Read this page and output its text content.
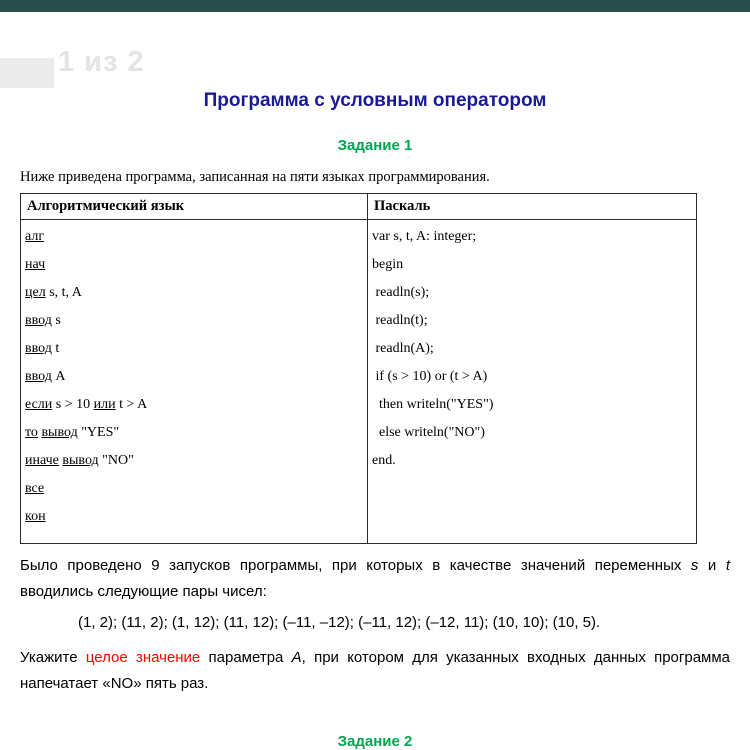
1 из 2
Программа с условным оператором
Задание 1

Ниже приведена программа, записанная на пяти языках программирования.

Алгоритмический язык	Паскаль

алг
нач
цел s, t, A
ввод s
ввод t
ввод A
если s > 10 или t > A
то вывод "YES"
иначе вывод "NO"
все
кон

var s, t, A: integer;
begin
readln(s);
readln(t);
readln(A);
if (s > 10) or (t > A)
then writeln("YES")
else writeln("NO")
end.

Было проведено 9 запусков программы, при которых в качестве значений переменных s и t вводились следующие пары чисел:

(1, 2); (11, 2); (1, 12); (11, 12); (–11, –12); (–11, 12); (–12, 11); (10, 10); (10, 5).

Укажите целое значение параметра A, при котором для указанных входных данных программа напечатает «NO» пять раз.

Задание 2
